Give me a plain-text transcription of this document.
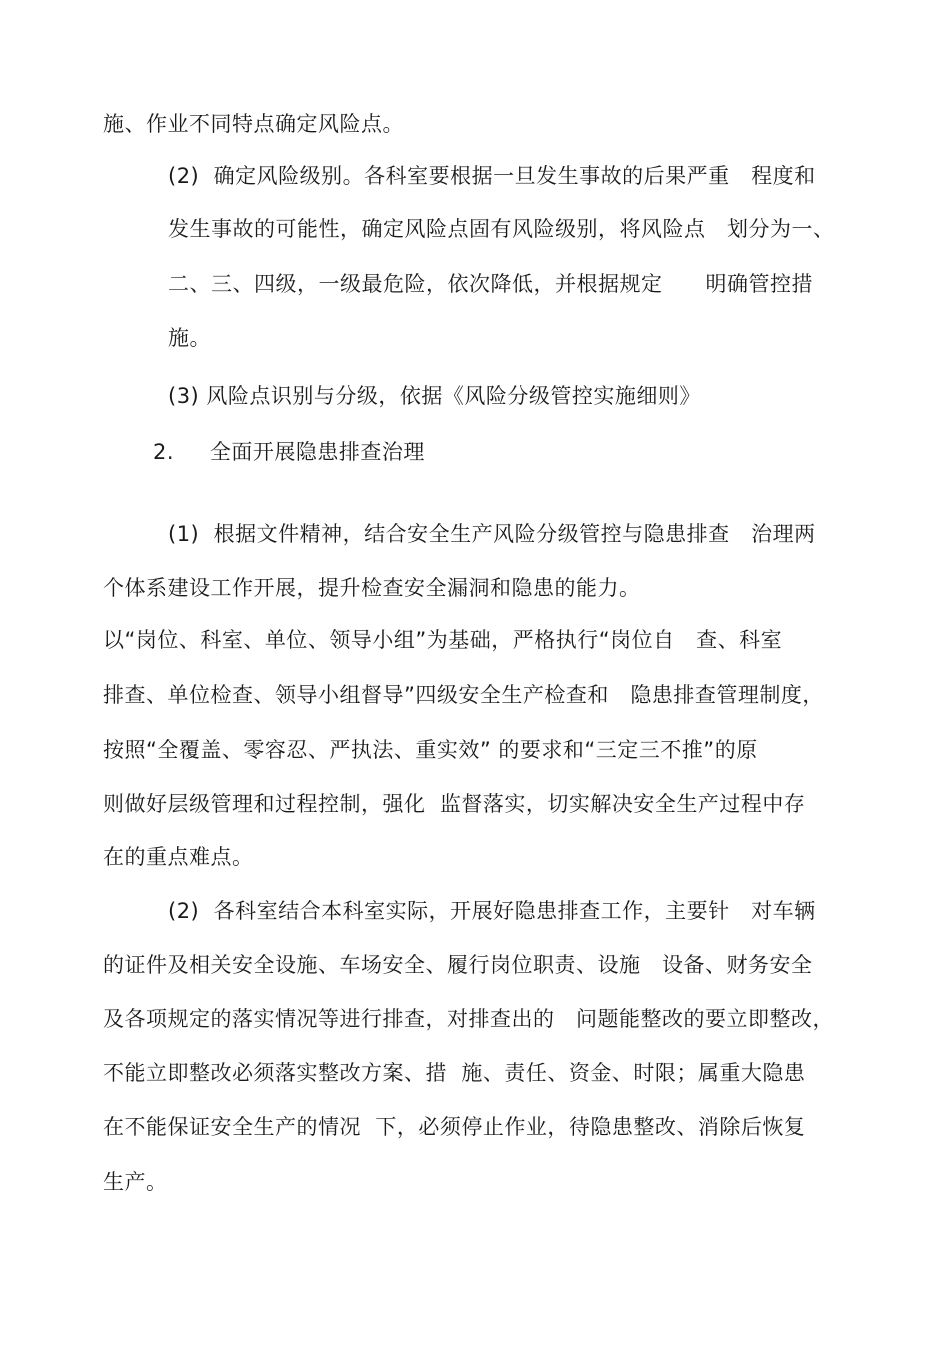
施、作业不同特点确定风险点。
(2)  确定风险级别。各科室要根据一旦发生事故的后果严重   程度和
发生事故的可能性，确定风险点固有风险级别，将风险点   划分为一、
二、三、四级，一级最危险，依次降低，并根据规定      明确管控措
施。
(3) 风险点识别与分级，依据《风险分级管控实施细则》
2.     全面开展隐患排查治理
(1)  根据文件精神，结合安全生产风险分级管控与隐患排查   治理两
个体系建设工作开展，提升检查安全漏洞和隐患的能力。
以“岗位、科室、单位、领导小组”为基础，严格执行“岗位自   查、科室
排查、单位检查、领导小组督导”四级安全生产检查和   隐患排查管理制度，
按照“全覆盖、零容忍、严执法、重实效” 的要求和“三定三不推”的原
则做好层级管理和过程控制，强化  监督落实，切实解决安全生产过程中存
在的重点难点。
(2)  各科室结合本科室实际，开展好隐患排查工作，主要针   对车辆
的证件及相关安全设施、车场安全、履行岗位职责、设施   设备、财务安全
及各项规定的落实情况等进行排查，对排查出的   问题能整改的要立即整改，
不能立即整改必须落实整改方案、措  施、责任、资金、时限；属重大隐患
在不能保证安全生产的情况  下，必须停止作业，待隐患整改、消除后恢复
生产。
